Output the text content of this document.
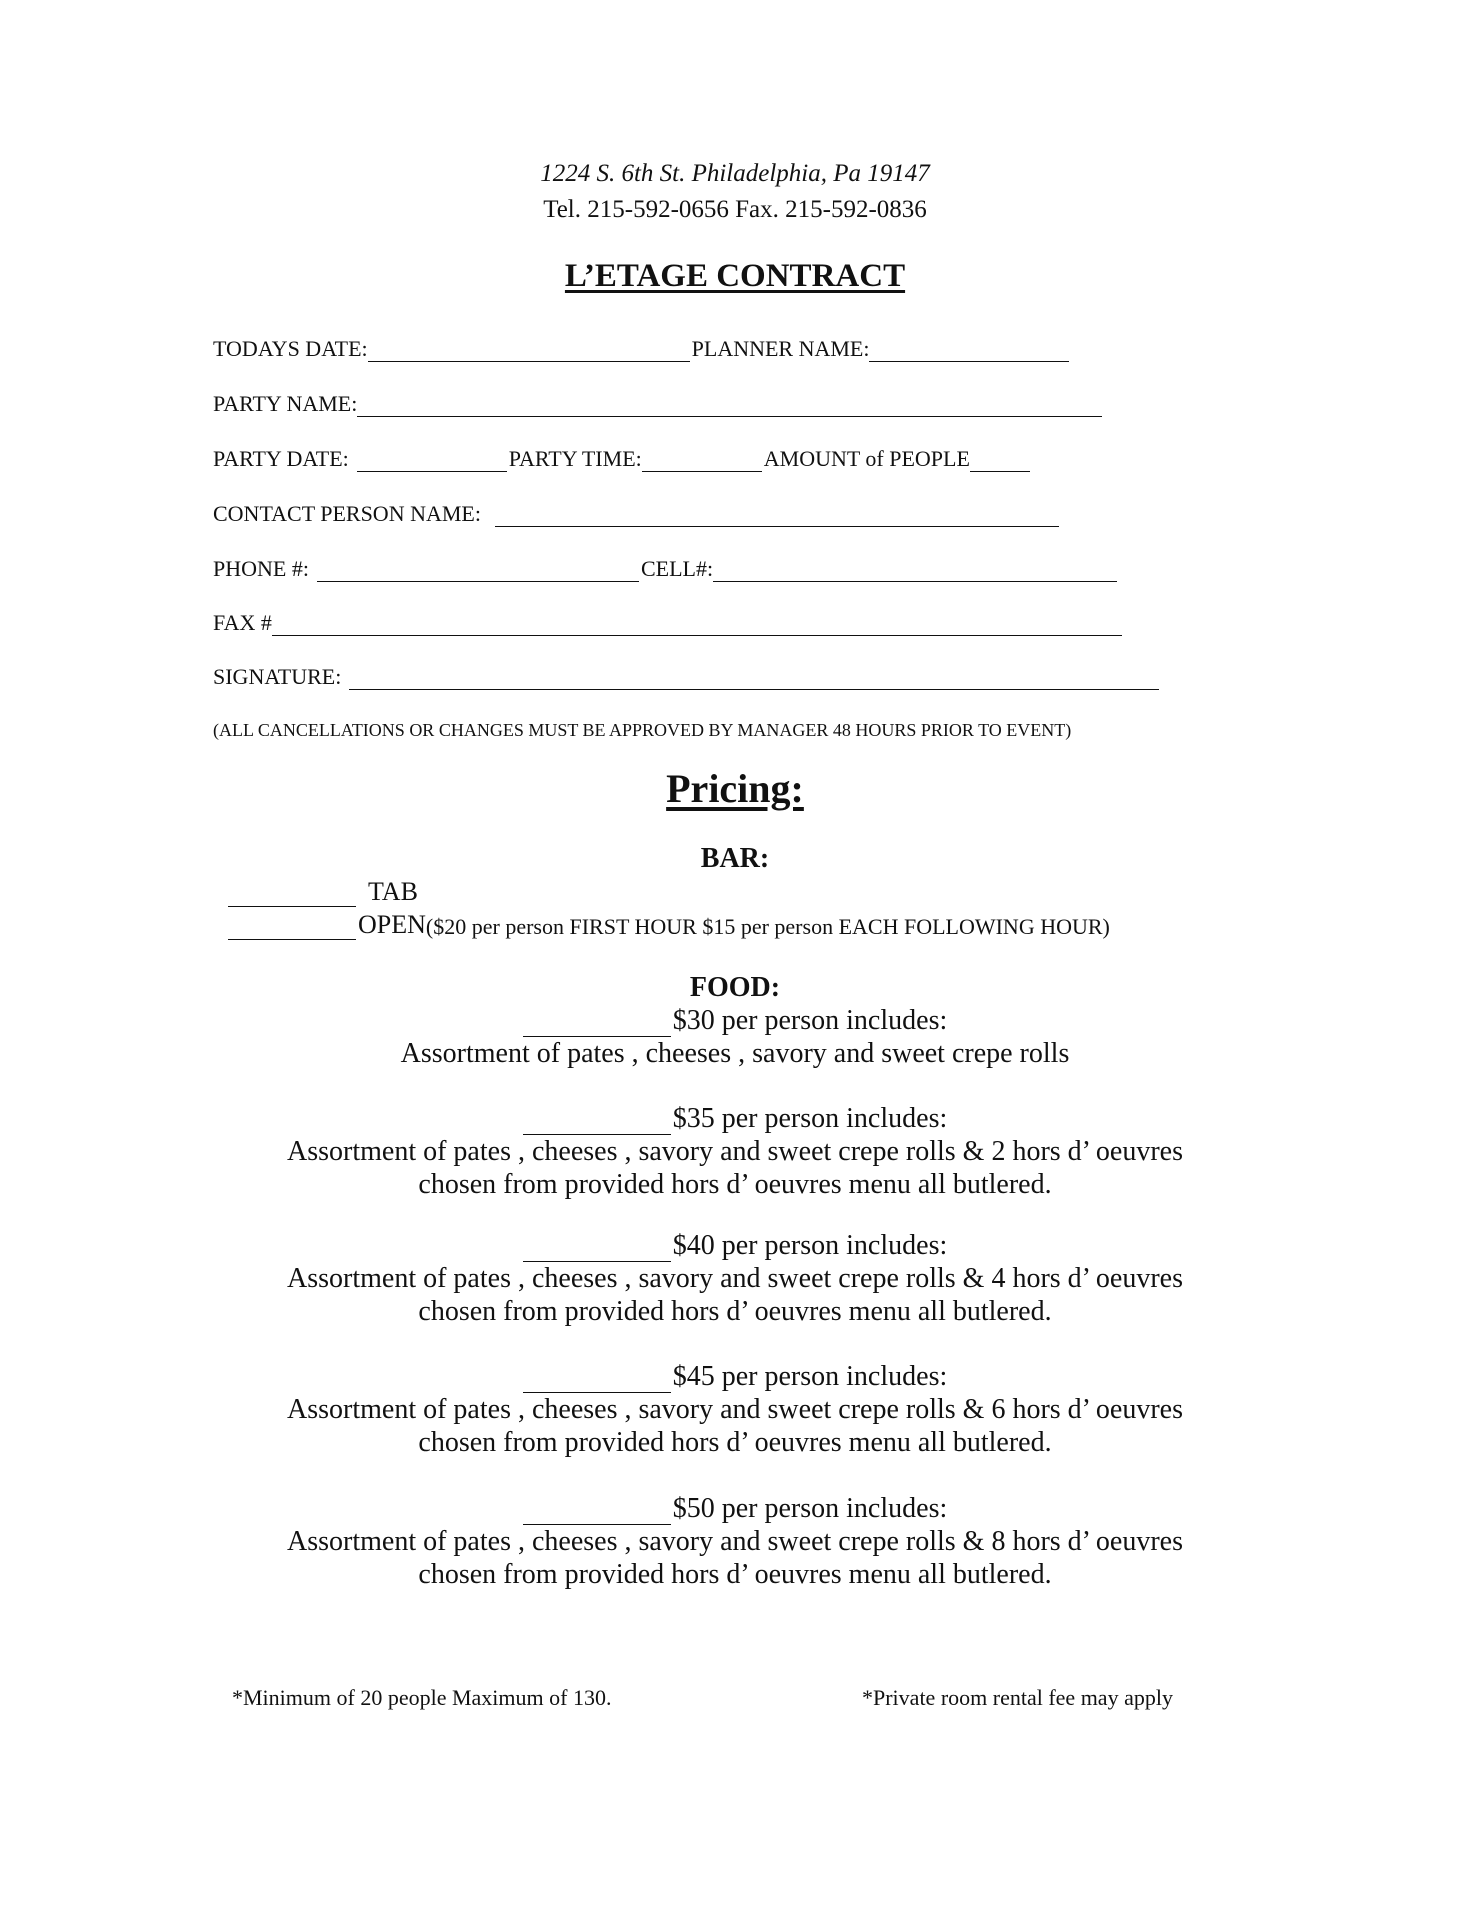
1224 S. 6th St. Philadelphia, Pa 19147
Tel. 215-592-0656 Fax. 215-592-0836
L’ETAGE CONTRACT
TODAYS DATE:	PLANNER NAME:
PARTY NAME:
PARTY DATE:	PARTY TIME:	AMOUNT of PEOPLE
CONTACT PERSON NAME:
PHONE #:	CELL#:
FAX #
SIGNATURE:
(ALL CANCELLATIONS OR CHANGES MUST BE APPROVED BY MANAGER 48 HOURS PRIOR TO EVENT)
Pricing:
BAR:
TAB
OPEN ($20 per person FIRST HOUR $15 per person EACH FOLLOWING HOUR)
FOOD:
$30 per person includes:
Assortment of pates , cheeses , savory and sweet crepe rolls
$35 per person includes:
Assortment of pates , cheeses , savory and sweet crepe rolls & 2 hors d’ oeuvres
chosen from provided hors d’ oeuvres menu all butlered.
$40 per person includes:
Assortment of pates , cheeses , savory and sweet crepe rolls & 4 hors d’ oeuvres
chosen from provided hors d’ oeuvres menu all butlered.
$45 per person includes:
Assortment of pates , cheeses , savory and sweet crepe rolls & 6 hors d’ oeuvres
chosen from provided hors d’ oeuvres menu all butlered.
$50 per person includes:
Assortment of pates , cheeses , savory and sweet crepe rolls & 8 hors d’ oeuvres
chosen from provided hors d’ oeuvres menu all butlered.
*Minimum of 20 people Maximum of 130.	*Private room rental fee may apply
